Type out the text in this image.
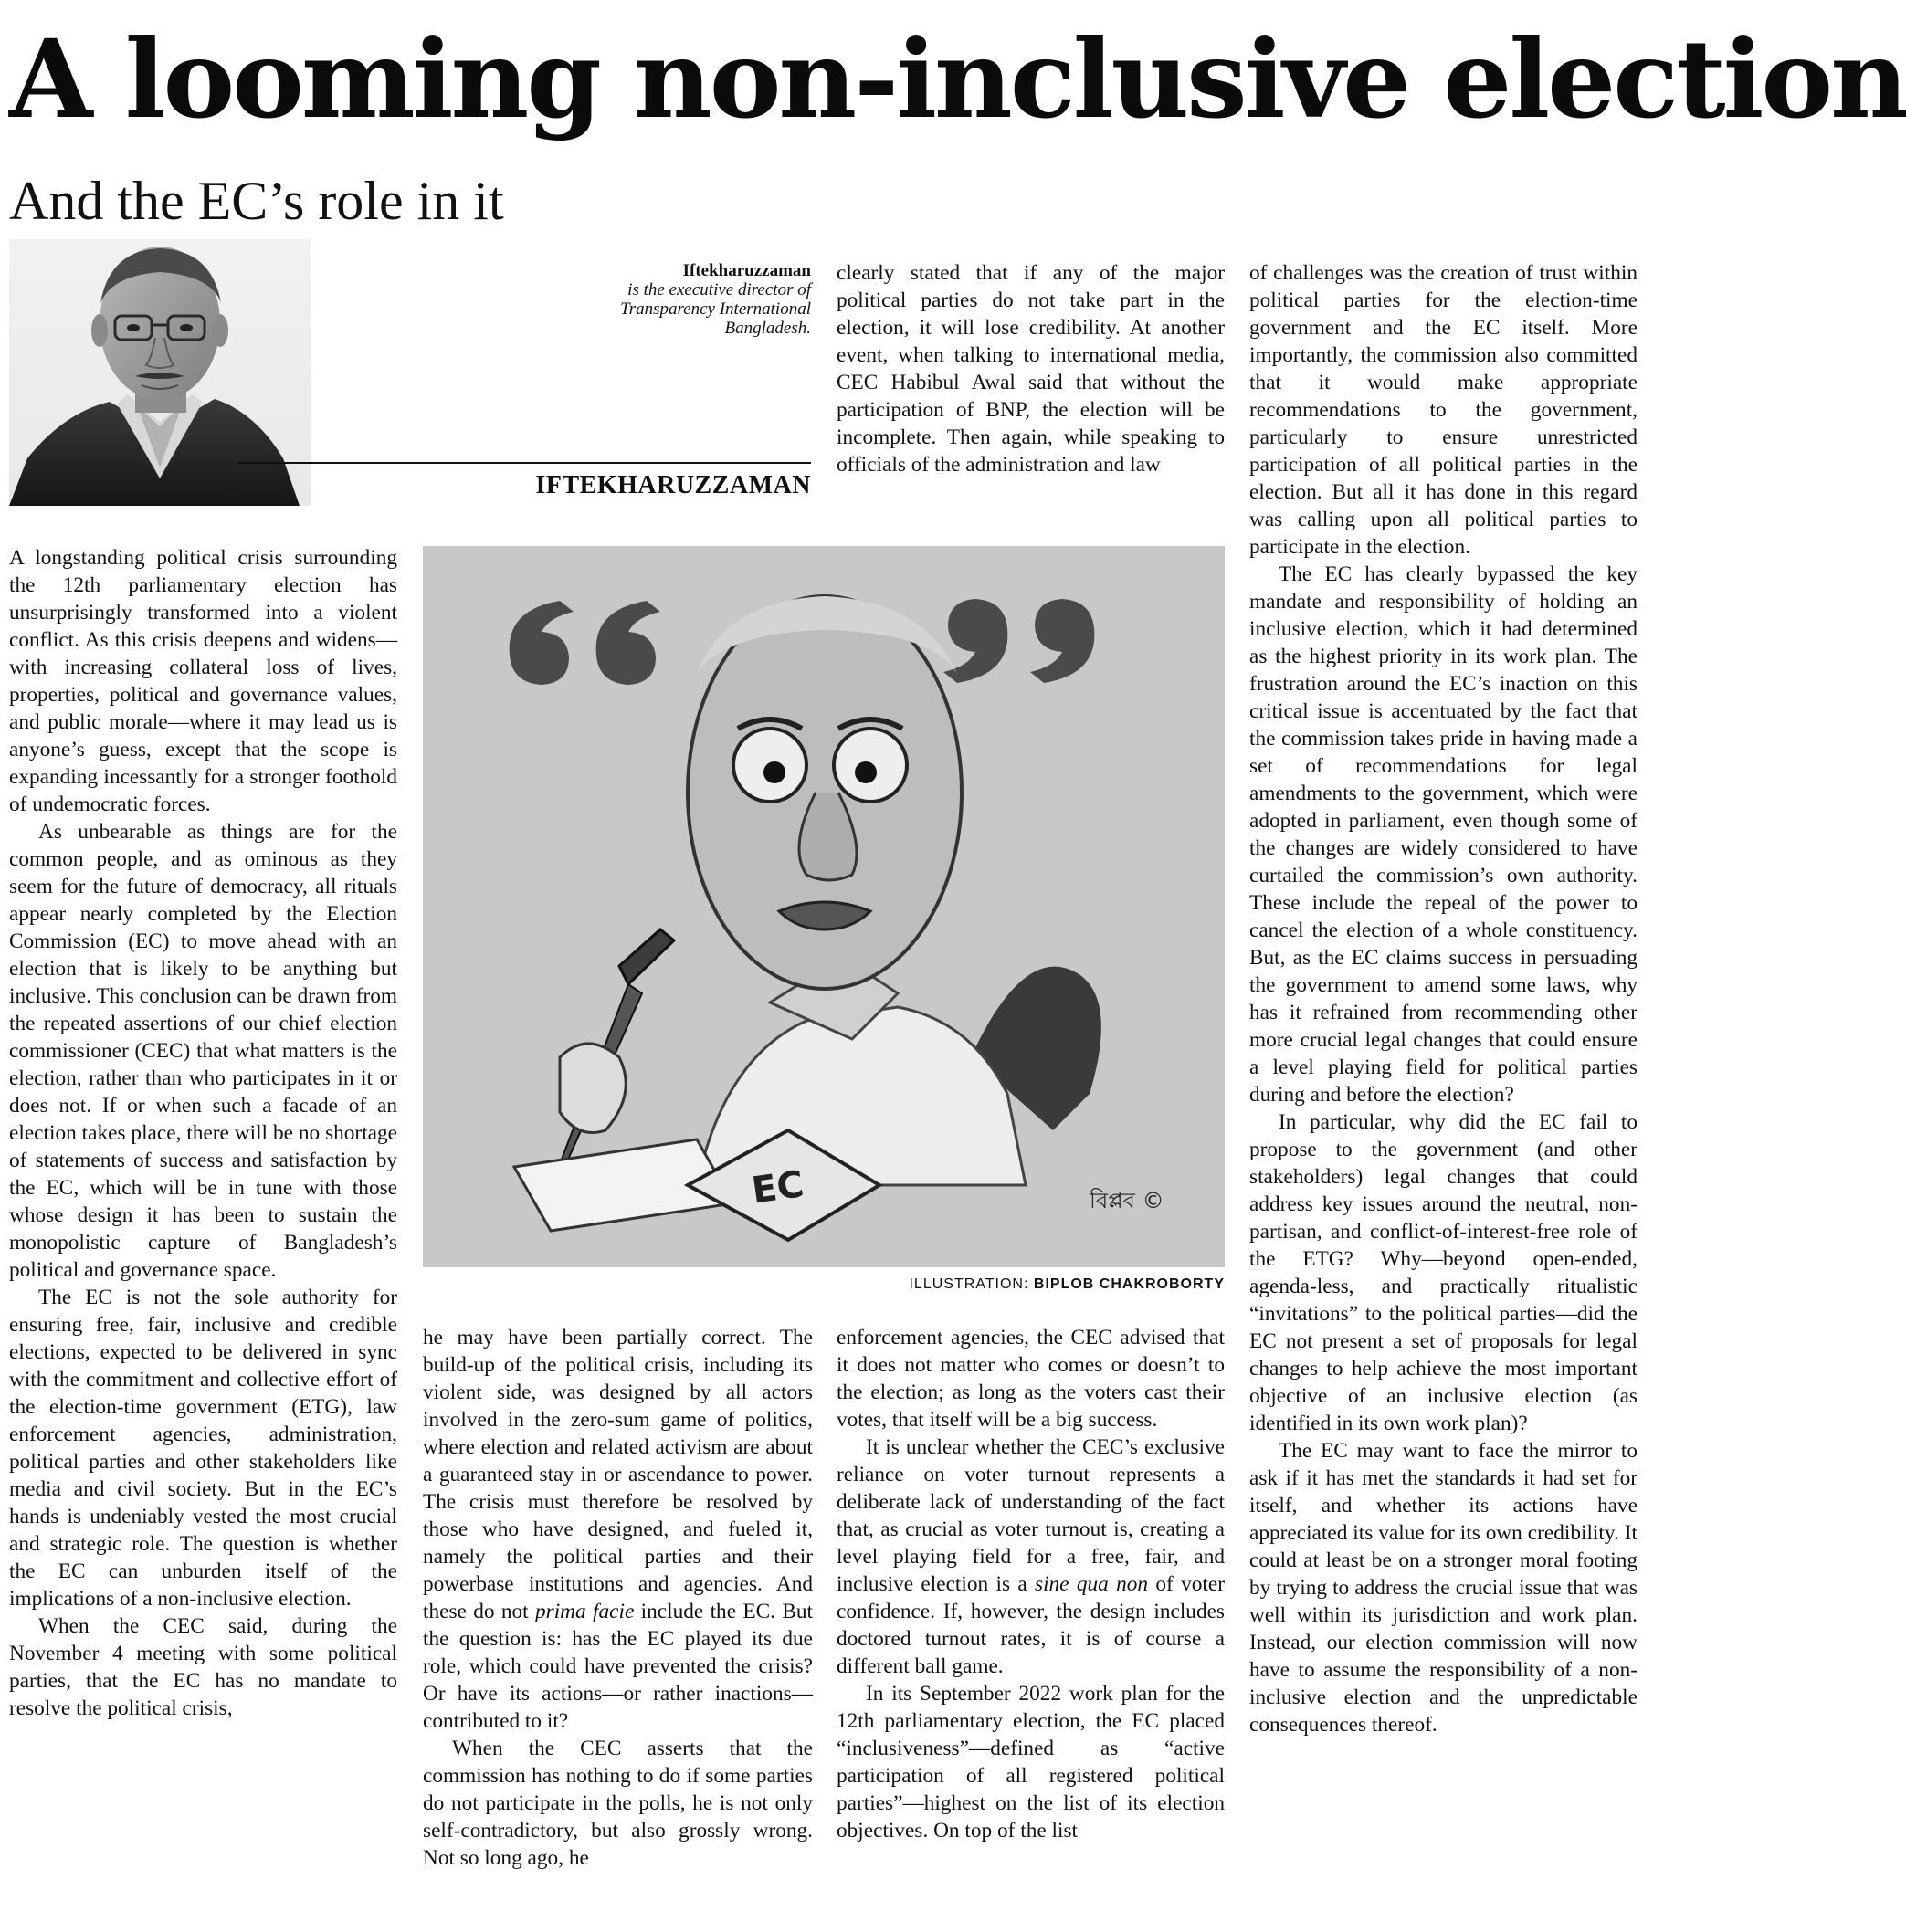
A looming non-inclusive election
And the EC’s role in it
Iftekharuzzaman
is the executive director of Transparency International Bangladesh.
IFTEKHARUZZAMAN

A longstanding political crisis surrounding the 12th parliamentary election has unsurprisingly transformed into a violent conflict. As this crisis deepens and widens—with increasing collateral loss of lives, properties, political and governance values, and public morale—where it may lead us is anyone’s guess, except that the scope is expanding incessantly for a stronger foothold of undemocratic forces.

As unbearable as things are for the common people, and as ominous as they seem for the future of democracy, all rituals appear nearly completed by the Election Commission (EC) to move ahead with an election that is likely to be anything but inclusive. This conclusion can be drawn from the repeated assertions of our chief election commissioner (CEC) that what matters is the election, rather than who participates in it or does not. If or when such a facade of an election takes place, there will be no shortage of statements of success and satisfaction by the EC, which will be in tune with those whose design it has been to sustain the monopolistic capture of Bangladesh’s political and governance space.

The EC is not the sole authority for ensuring free, fair, inclusive and credible elections, expected to be delivered in sync with the commitment and collective effort of the election-time government (ETG), law enforcement agencies, administration, political parties and other stakeholders like media and civil society. But in the EC’s hands is undeniably vested the most crucial and strategic role. The question is whether the EC can unburden itself of the implications of a non-inclusive election.

When the CEC said, during the November 4 meeting with some political parties, that the EC has no mandate to resolve the political crisis,

EC	বিপ্লব ©
ILLUSTRATION: BIPLOB CHAKROBORTY

he may have been partially correct. The build-up of the political crisis, including its violent side, was designed by all actors involved in the zero-sum game of politics, where election and related activism are about a guaranteed stay in or ascendance to power. The crisis must therefore be resolved by those who have designed, and fueled it, namely the political parties and their powerbase institutions and agencies. And these do not prima facie include the EC. But the question is: has the EC played its due role, which could have prevented the crisis? Or have its actions—or rather inactions—contributed to it?

When the CEC asserts that the commission has nothing to do if some parties do not participate in the polls, he is not only self-contradictory, but also grossly wrong. Not so long ago, he

clearly stated that if any of the major political parties do not take part in the election, it will lose credibility. At another event, when talking to international media, CEC Habibul Awal said that without the participation of BNP, the election will be incomplete. Then again, while speaking to officials of the administration and law

enforcement agencies, the CEC advised that it does not matter who comes or doesn’t to the election; as long as the voters cast their votes, that itself will be a big success.

It is unclear whether the CEC’s exclusive reliance on voter turnout represents a deliberate lack of understanding of the fact that, as crucial as voter turnout is, creating a level playing field for a free, fair, and inclusive election is a sine qua non of voter confidence. If, however, the design includes doctored turnout rates, it is of course a different ball game.

In its September 2022 work plan for the 12th parliamentary election, the EC placed “inclusiveness”—defined as “active participation of all registered political parties”—highest on the list of its election objectives. On top of the list

of challenges was the creation of trust within political parties for the election-time government and the EC itself. More importantly, the commission also committed that it would make appropriate recommendations to the government, particularly to ensure unrestricted participation of all political parties in the election. But all it has done in this regard was calling upon all political parties to participate in the election.

The EC has clearly bypassed the key mandate and responsibility of holding an inclusive election, which it had determined as the highest priority in its work plan. The frustration around the EC’s inaction on this critical issue is accentuated by the fact that the commission takes pride in having made a set of recommendations for legal amendments to the government, which were adopted in parliament, even though some of the changes are widely considered to have curtailed the commission’s own authority. These include the repeal of the power to cancel the election of a whole constituency. But, as the EC claims success in persuading the government to amend some laws, why has it refrained from recommending other more crucial legal changes that could ensure a level playing field for political parties during and before the election?

In particular, why did the EC fail to propose to the government (and other stakeholders) legal changes that could address key issues around the neutral, non-partisan, and conflict-of-interest-free role of the ETG? Why—beyond open-ended, agenda-less, and practically ritualistic “invitations” to the political parties—did the EC not present a set of proposals for legal changes to help achieve the most important objective of an inclusive election (as identified in its own work plan)?

The EC may want to face the mirror to ask if it has met the standards it had set for itself, and whether its actions have appreciated its value for its own credibility. It could at least be on a stronger moral footing by trying to address the crucial issue that was well within its jurisdiction and work plan. Instead, our election commission will now have to assume the responsibility of a non-inclusive election and the unpredictable consequences thereof.
